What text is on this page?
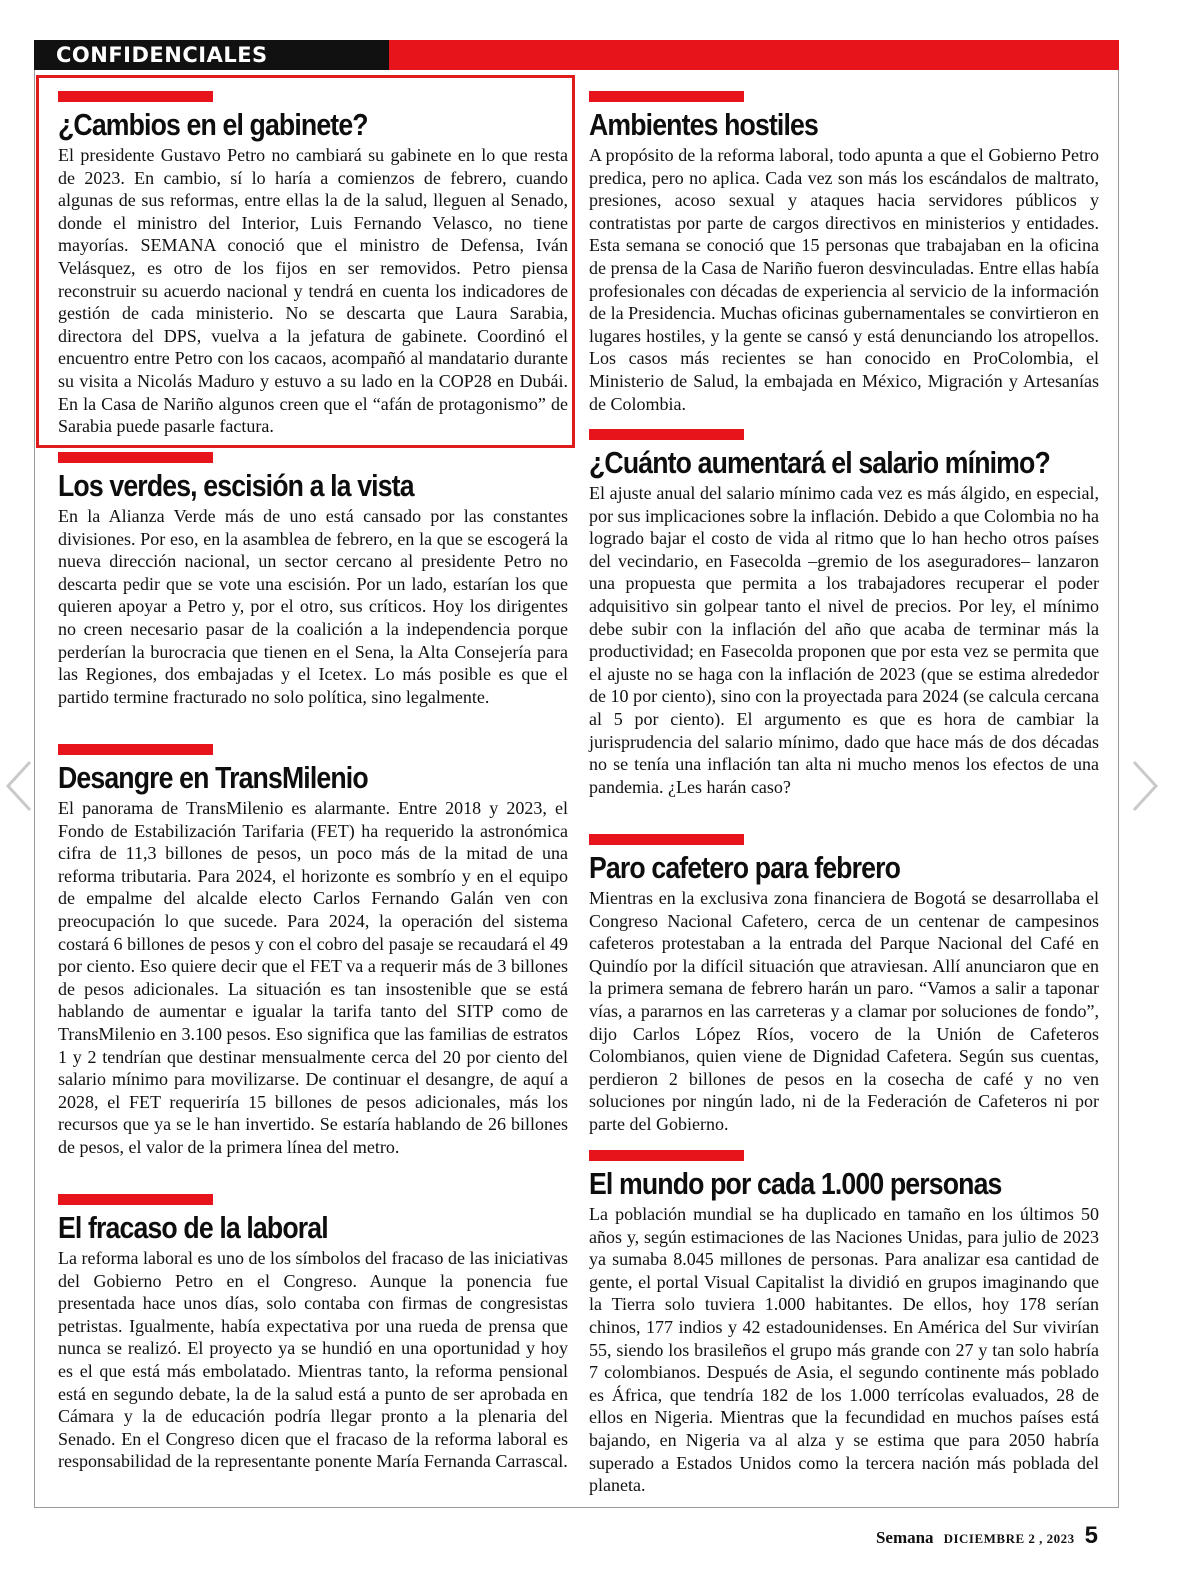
CONFIDENCIALES
¿Cambios en el gabinete?

El presidente Gustavo Petro no cambiará su gabinete en lo que resta de 2023. En cambio, sí lo haría a comienzos de febrero, cuando algunas de sus reformas, entre ellas la de la salud, lleguen al Senado, donde el ministro del Interior, Luis Fernando Velasco, no tiene mayorías. SEMANA conoció que el ministro de Defensa, Iván Velásquez, es otro de los fijos en ser removidos. Petro piensa reconstruir su acuerdo nacional y tendrá en cuenta los indicadores de gestión de cada ministerio. No se descarta que Laura Sarabia, directora del DPS, vuelva a la jefatura de gabinete. Coordinó el encuentro entre Petro con los cacaos, acompañó al mandatario durante su visita a Nicolás Maduro y estuvo a su lado en la COP28 en Dubái. En la Casa de Nariño algunos creen que el “afán de protagonismo” de Sarabia puede pasarle factura.

Los verdes, escisión a la vista

En la Alianza Verde más de uno está cansado por las constantes divisiones. Por eso, en la asamblea de febrero, en la que se escogerá la nueva dirección nacional, un sector cercano al presidente Petro no descarta pedir que se vote una escisión. Por un lado, estarían los que quieren apoyar a Petro y, por el otro, sus críticos. Hoy los dirigentes no creen necesario pasar de la coalición a la independencia porque perderían la burocracia que tienen en el Sena, la Alta Consejería para las Regiones, dos embajadas y el Icetex. Lo más posible es que el partido termine fracturado no solo política, sino legalmente.

Desangre en TransMilenio

El panorama de TransMilenio es alarmante. Entre 2018 y 2023, el Fondo de Estabilización Tarifaria (FET) ha requerido la astronómica cifra de 11,3 billones de pesos, un poco más de la mitad de una reforma tributaria. Para 2024, el horizonte es sombrío y en el equipo de empalme del alcalde electo Carlos Fernando Galán ven con preocupación lo que sucede. Para 2024, la operación del sistema costará 6 billones de pesos y con el cobro del pasaje se recaudará el 49 por ciento. Eso quiere decir que el FET va a requerir más de 3 billones de pesos adicionales. La situación es tan insostenible que se está hablando de aumentar e igualar la tarifa tanto del SITP como de TransMilenio en 3.100 pesos. Eso significa que las familias de estratos 1 y 2 tendrían que destinar mensualmente cerca del 20 por ciento del salario mínimo para movilizarse. De continuar el desangre, de aquí a 2028, el FET requeriría 15 billones de pesos adicionales, más los recursos que ya se le han invertido. Se estaría hablando de 26 billones de pesos, el valor de la primera línea del metro.

El fracaso de la laboral

La reforma laboral es uno de los símbolos del fracaso de las iniciativas del Gobierno Petro en el Congreso. Aunque la ponencia fue presentada hace unos días, solo contaba con firmas de congresistas petristas. Igualmente, había expectativa por una rueda de prensa que nunca se realizó. El proyecto ya se hundió en una oportunidad y hoy es el que está más embolatado. Mientras tanto, la reforma pensional está en segundo debate, la de la salud está a punto de ser aprobada en Cámara y la de educación podría llegar pronto a la plenaria del Senado. En el Congreso dicen que el fracaso de la reforma laboral es responsabilidad de la representante ponente María Fernanda Carrascal.

Ambientes hostiles

A propósito de la reforma laboral, todo apunta a que el Gobierno Petro predica, pero no aplica. Cada vez son más los escándalos de maltrato, presiones, acoso sexual y ataques hacia servidores públicos y contratistas por parte de cargos directivos en ministerios y entidades. Esta semana se conoció que 15 personas que trabajaban en la oficina de prensa de la Casa de Nariño fueron desvinculadas. Entre ellas había profesionales con décadas de experiencia al servicio de la información de la Presidencia. Muchas oficinas gubernamentales se convirtieron en lugares hostiles, y la gente se cansó y está denunciando los atropellos. Los casos más recientes se han conocido en ProColombia, el Ministerio de Salud, la embajada en México, Migración y Artesanías de Colombia.

¿Cuánto aumentará el salario mínimo?

El ajuste anual del salario mínimo cada vez es más álgido, en especial, por sus implicaciones sobre la inflación. Debido a que Colombia no ha logrado bajar el costo de vida al ritmo que lo han hecho otros países del vecindario, en Fasecolda –gremio de los aseguradores– lanzaron una propuesta que permita a los trabajadores recuperar el poder adquisitivo sin golpear tanto el nivel de precios. Por ley, el mínimo debe subir con la inflación del año que acaba de terminar más la productividad; en Fasecolda proponen que por esta vez se permita que el ajuste no se haga con la inflación de 2023 (que se estima alrededor de 10 por ciento), sino con la proyectada para 2024 (se calcula cercana al 5 por ciento). El argumento es que es hora de cambiar la jurisprudencia del salario mínimo, dado que hace más de dos décadas no se tenía una inflación tan alta ni mucho menos los efectos de una pandemia. ¿Les harán caso?

Paro cafetero para febrero

Mientras en la exclusiva zona financiera de Bogotá se desarrollaba el Congreso Nacional Cafetero, cerca de un centenar de campesinos cafeteros protestaban a la entrada del Parque Nacional del Café en Quindío por la difícil situación que atraviesan. Allí anunciaron que en la primera semana de febrero harán un paro. “Vamos a salir a taponar vías, a pararnos en las carreteras y a clamar por soluciones de fondo”, dijo Carlos López Ríos, vocero de la Unión de Cafeteros Colombianos, quien viene de Dignidad Cafetera. Según sus cuentas, perdieron 2 billones de pesos en la cosecha de café y no ven soluciones por ningún lado, ni de la Federación de Cafeteros ni por parte del Gobierno.

El mundo por cada 1.000 personas

La población mundial se ha duplicado en tamaño en los últimos 50 años y, según estimaciones de las Naciones Unidas, para julio de 2023 ya sumaba 8.045 millones de personas. Para analizar esa cantidad de gente, el portal Visual Capitalist la dividió en grupos imaginando que la Tierra solo tuviera 1.000 habitantes. De ellos, hoy 178 serían chinos, 177 indios y 42 estadounidenses. En América del Sur vivirían 55, siendo los brasileños el grupo más grande con 27 y tan solo habría 7 colombianos. Después de Asia, el segundo continente más poblado es África, que tendría 182 de los 1.000 terrícolas evaluados, 28 de ellos en Nigeria. Mientras que la fecundidad en muchos países está bajando, en Nigeria va al alza y se estima que para 2050 habría superado a Estados Unidos como la tercera nación más poblada del planeta.

Semana DICIEMBRE 2 , 2023 5
